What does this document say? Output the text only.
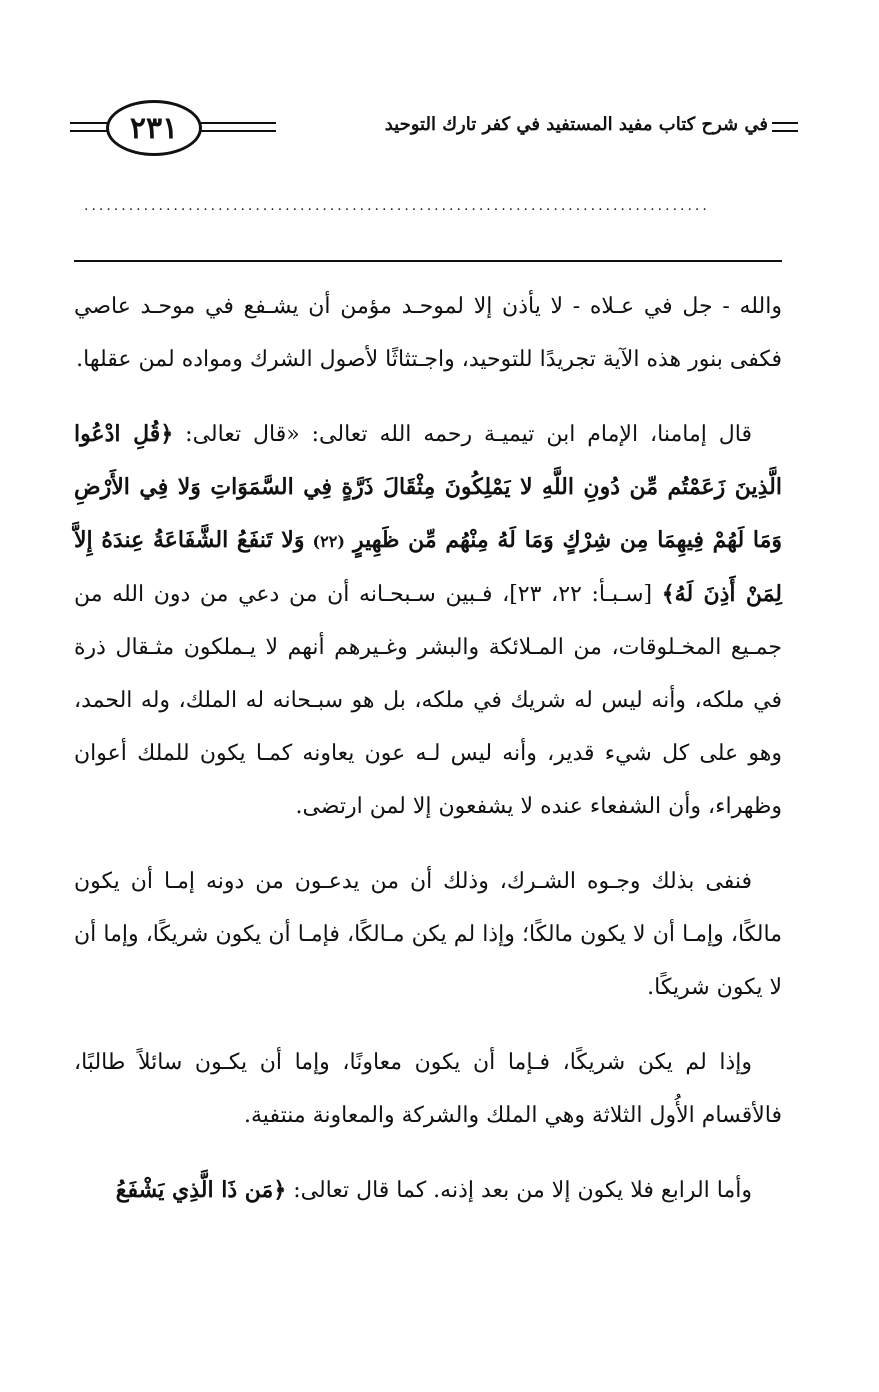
٢٣١	في شرح كتاب مفيد المستفيد في كفر تارك التوحيد
....................................................................................

والله - جل في عـلاه - لا يأذن إلا لموحـد مؤمن أن يشـفع في موحـد عاصي فكفى بنور هذه الآية تجريدًا للتوحيد، واجـتثاثًا لأصول الشرك ومواده لمن عقلها.

قال إمامنا، الإمام ابن تيميـة رحمه الله تعالى: «قال تعالى: ﴿قُلِ ادْعُوا الَّذِينَ زَعَمْتُم مِّن دُونِ اللَّهِ لا يَمْلِكُونَ مِثْقَالَ ذَرَّةٍ فِي السَّمَوَاتِ وَلا فِي الأَرْضِ وَمَا لَهُمْ فِيهِمَا مِن شِرْكٍ وَمَا لَهُ مِنْهُم مِّن ظَهِيرٍ (٢٢) وَلا تَنفَعُ الشَّفَاعَةُ عِندَهُ إِلاَّ لِمَنْ أَذِنَ لَهُ﴾ [سـبـأ: ٢٢، ٢٣]، فـبين سـبحـانه أن من دعي من دون الله من جمـيع المخـلوقات، من المـلائكة والبشر وغـيرهم أنهم لا يـملكون مثـقال ذرة في ملكه، وأنه ليس له شريك في ملكه، بل هو سبـحانه له الملك، وله الحمد، وهو على كل شيء قدير، وأنه ليس لـه عون يعاونه كمـا يكون للملك أعوان وظهراء، وأن الشفعاء عنده لا يشفعون إلا لمن ارتضى.

فنفى بذلك وجـوه الشـرك، وذلك أن من يدعـون من دونه إمـا أن يكون مالكًا، وإمـا أن لا يكون مالكًا؛ وإذا لم يكن مـالكًا، فإمـا أن يكون شريكًا، وإما أن لا يكون شريكًا.

وإذا لم يكن شريكًا، فـإما أن يكون معاونًا، وإما أن يكـون سائلاً طالبًا، فالأقسام الأُول الثلاثة وهي الملك والشركة والمعاونة منتفية.

وأما الرابع فلا يكون إلا من بعد إذنه. كما قال تعالى: ﴿مَن ذَا الَّذِي يَشْفَعُ
